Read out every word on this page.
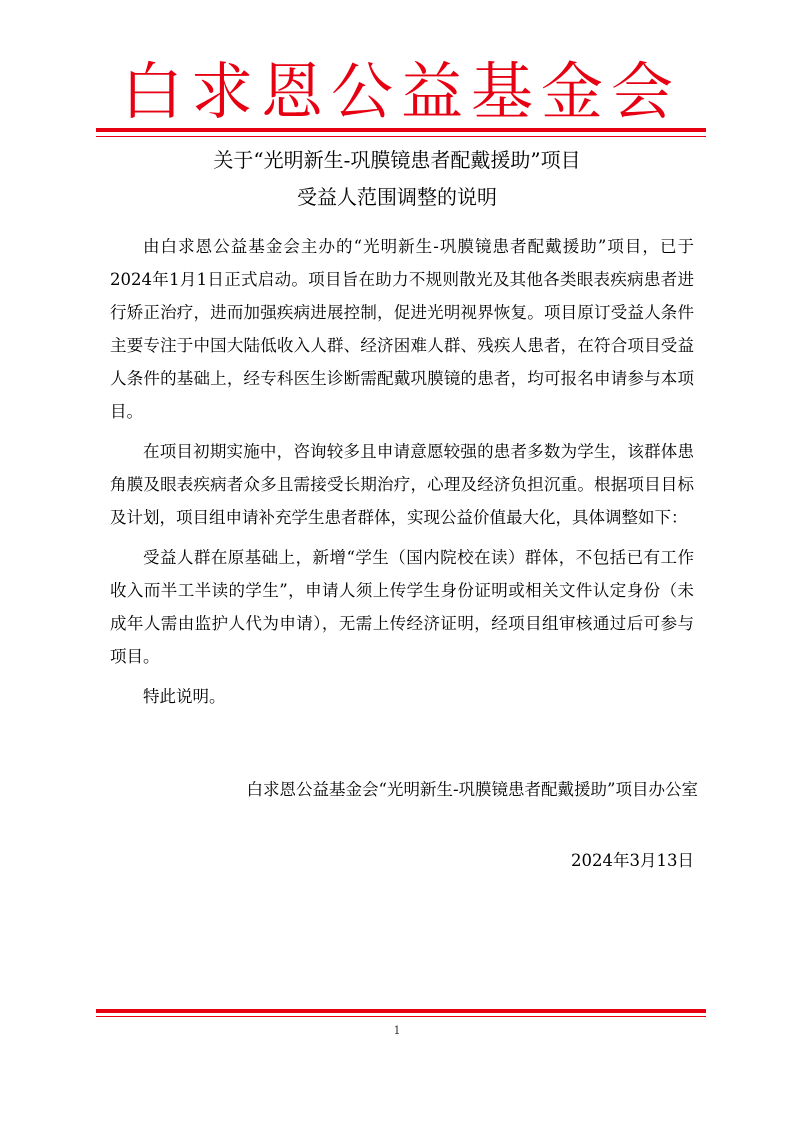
白求恩公益基金会
关于“光明新生-巩膜镜患者配戴援助”项目
受益人范围调整的说明

由白求恩公益基金会主办的“光明新生-巩膜镜患者配戴援助”项目，已于2024年1月1日正式启动。项目旨在助力不规则散光及其他各类眼表疾病患者进行矫正治疗，进而加强疾病进展控制，促进光明视界恢复。项目原订受益人条件主要专注于中国大陆低收入人群、经济困难人群、残疾人患者，在符合项目受益人条件的基础上，经专科医生诊断需配戴巩膜镜的患者，均可报名申请参与本项目。

在项目初期实施中，咨询较多且申请意愿较强的患者多数为学生，该群体患角膜及眼表疾病者众多且需接受长期治疗，心理及经济负担沉重。根据项目目标及计划，项目组申请补充学生患者群体，实现公益价值最大化，具体调整如下：

受益人群在原基础上，新增“学生（国内院校在读）群体，不包括已有工作收入而半工半读的学生”，申请人须上传学生身份证明或相关文件认定身份（未成年人需由监护人代为申请），无需上传经济证明，经项目组审核通过后可参与项目。

特此说明。

白求恩公益基金会“光明新生-巩膜镜患者配戴援助”项目办公室
2024年3月13日
1
